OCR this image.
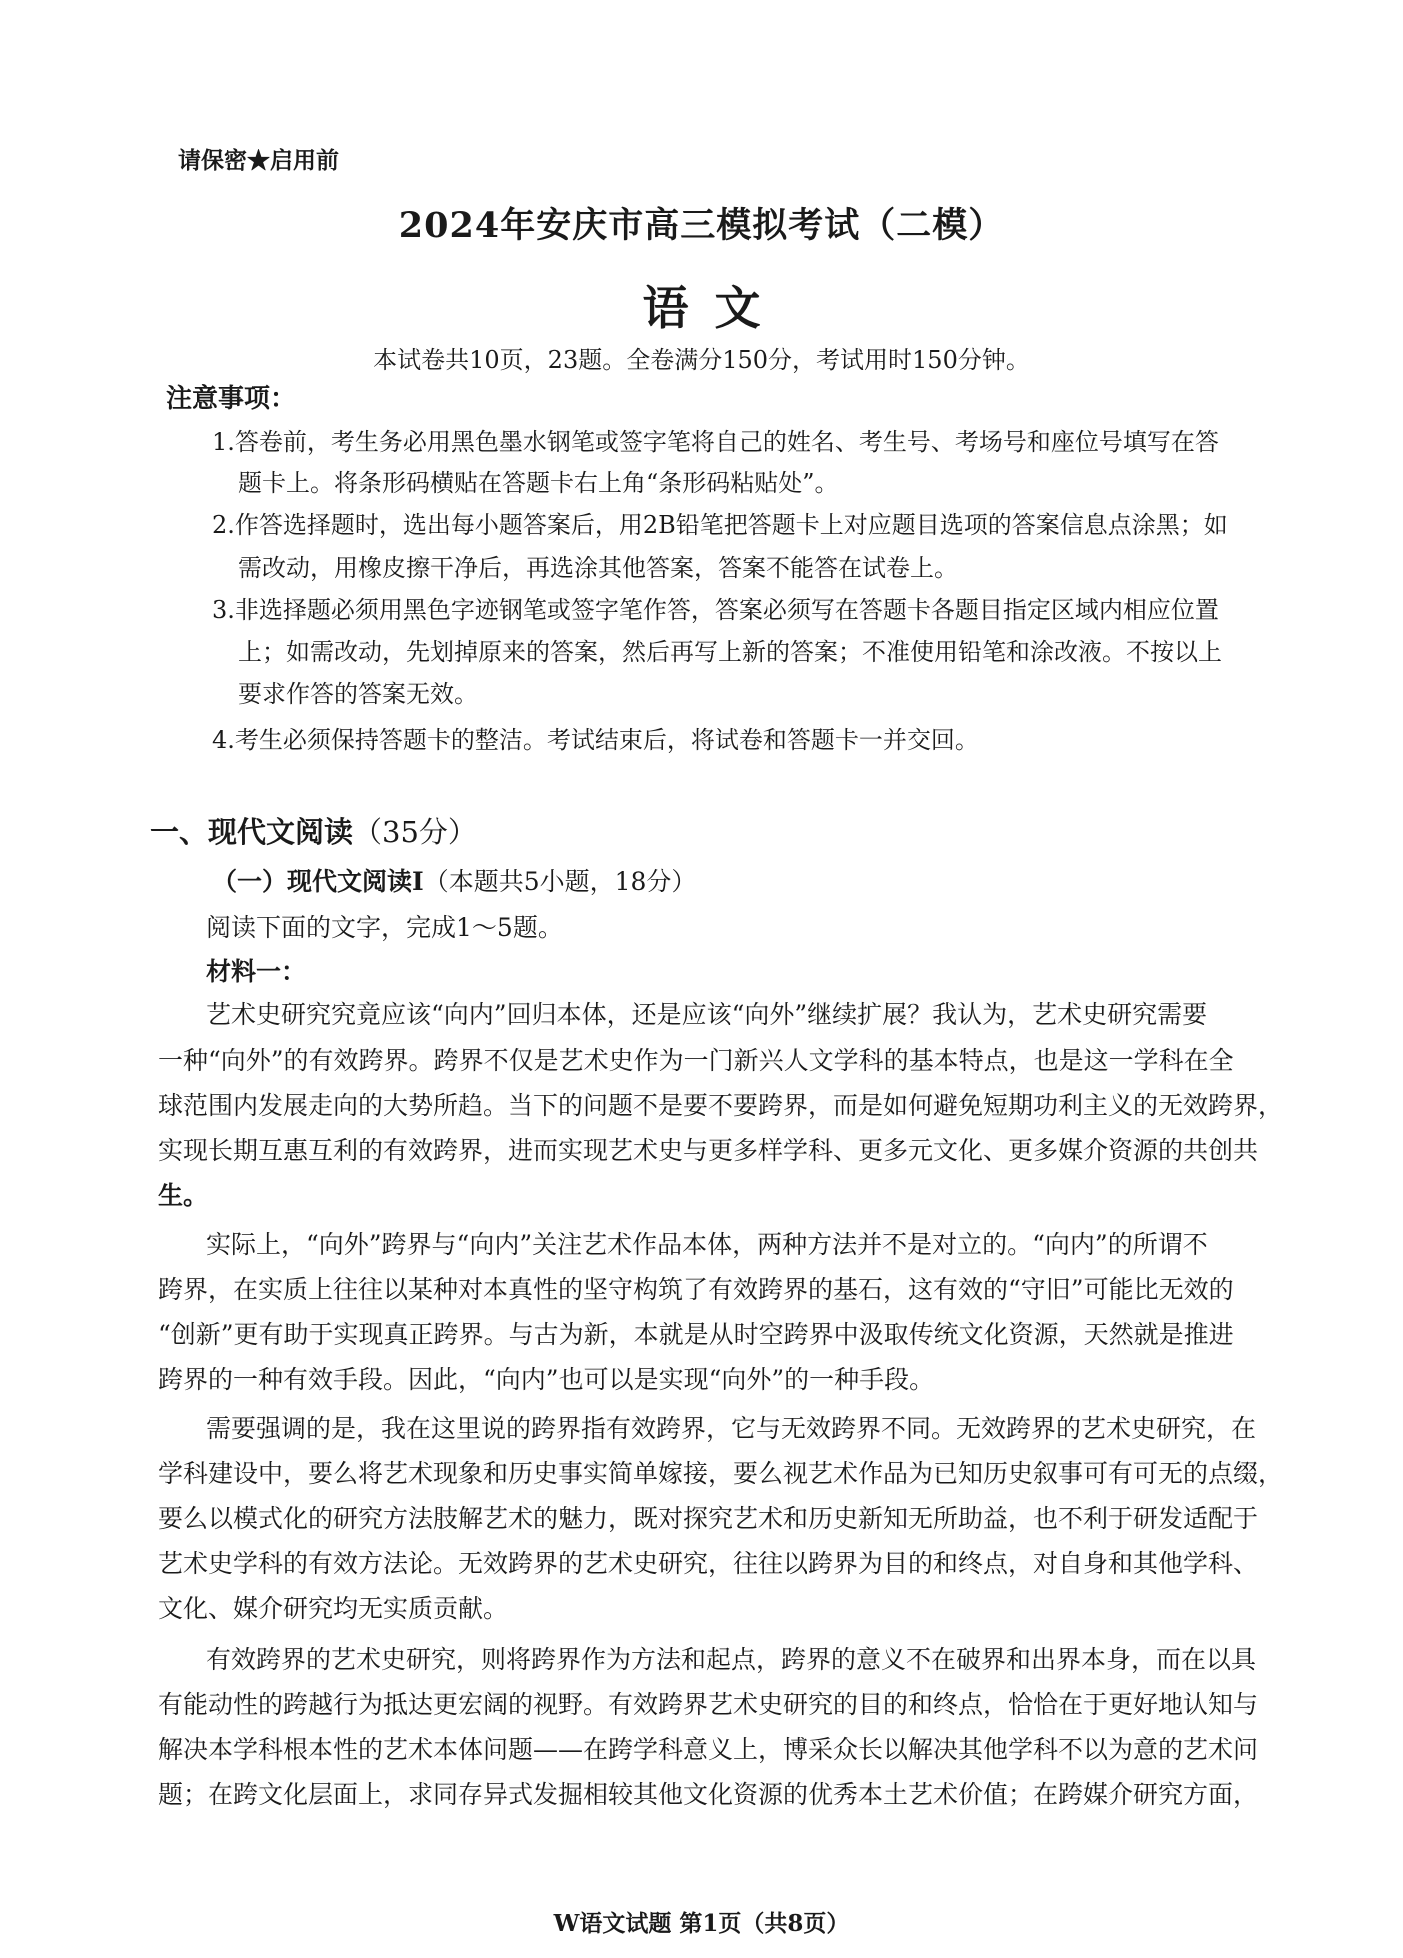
请保密★启用前
2024年安庆市高三模拟考试（二模）
语文
本试卷共10页，23题。全卷满分150分，考试用时150分钟。
注意事项：
1.答卷前，考生务必用黑色墨水钢笔或签字笔将自己的姓名、考生号、考场号和座位号填写在答
题卡上。将条形码横贴在答题卡右上角“条形码粘贴处”。
2.作答选择题时，选出每小题答案后，用2B铅笔把答题卡上对应题目选项的答案信息点涂黑；如
需改动，用橡皮擦干净后，再选涂其他答案，答案不能答在试卷上。
3.非选择题必须用黑色字迹钢笔或签字笔作答，答案必须写在答题卡各题目指定区域内相应位置
上；如需改动，先划掉原来的答案，然后再写上新的答案；不准使用铅笔和涂改液。不按以上
要求作答的答案无效。
4.考生必须保持答题卡的整洁。考试结束后，将试卷和答题卡一并交回。
一、现代文阅读（35分）
（一）现代文阅读Ⅰ（本题共5小题，18分）
阅读下面的文字，完成1～5题。
材料一：
艺术史研究究竟应该“向内”回归本体，还是应该“向外”继续扩展？我认为，艺术史研究需要
一种“向外”的有效跨界。跨界不仅是艺术史作为一门新兴人文学科的基本特点，也是这一学科在全
球范围内发展走向的大势所趋。当下的问题不是要不要跨界，而是如何避免短期功利主义的无效跨界，
实现长期互惠互利的有效跨界，进而实现艺术史与更多样学科、更多元文化、更多媒介资源的共创共
生。
实际上，“向外”跨界与“向内”关注艺术作品本体，两种方法并不是对立的。“向内”的所谓不
跨界，在实质上往往以某种对本真性的坚守构筑了有效跨界的基石，这有效的“守旧”可能比无效的
“创新”更有助于实现真正跨界。与古为新，本就是从时空跨界中汲取传统文化资源，天然就是推进
跨界的一种有效手段。因此，“向内”也可以是实现“向外”的一种手段。
需要强调的是，我在这里说的跨界指有效跨界，它与无效跨界不同。无效跨界的艺术史研究，在
学科建设中，要么将艺术现象和历史事实简单嫁接，要么视艺术作品为已知历史叙事可有可无的点缀，
要么以模式化的研究方法肢解艺术的魅力，既对探究艺术和历史新知无所助益，也不利于研发适配于
艺术史学科的有效方法论。无效跨界的艺术史研究，往往以跨界为目的和终点，对自身和其他学科、
文化、媒介研究均无实质贡献。
有效跨界的艺术史研究，则将跨界作为方法和起点，跨界的意义不在破界和出界本身，而在以具
有能动性的跨越行为抵达更宏阔的视野。有效跨界艺术史研究的目的和终点，恰恰在于更好地认知与
解决本学科根本性的艺术本体问题——在跨学科意义上，博采众长以解决其他学科不以为意的艺术问
题；在跨文化层面上，求同存异式发掘相较其他文化资源的优秀本土艺术价值；在跨媒介研究方面，
W语文试题 第1页（共8页）
